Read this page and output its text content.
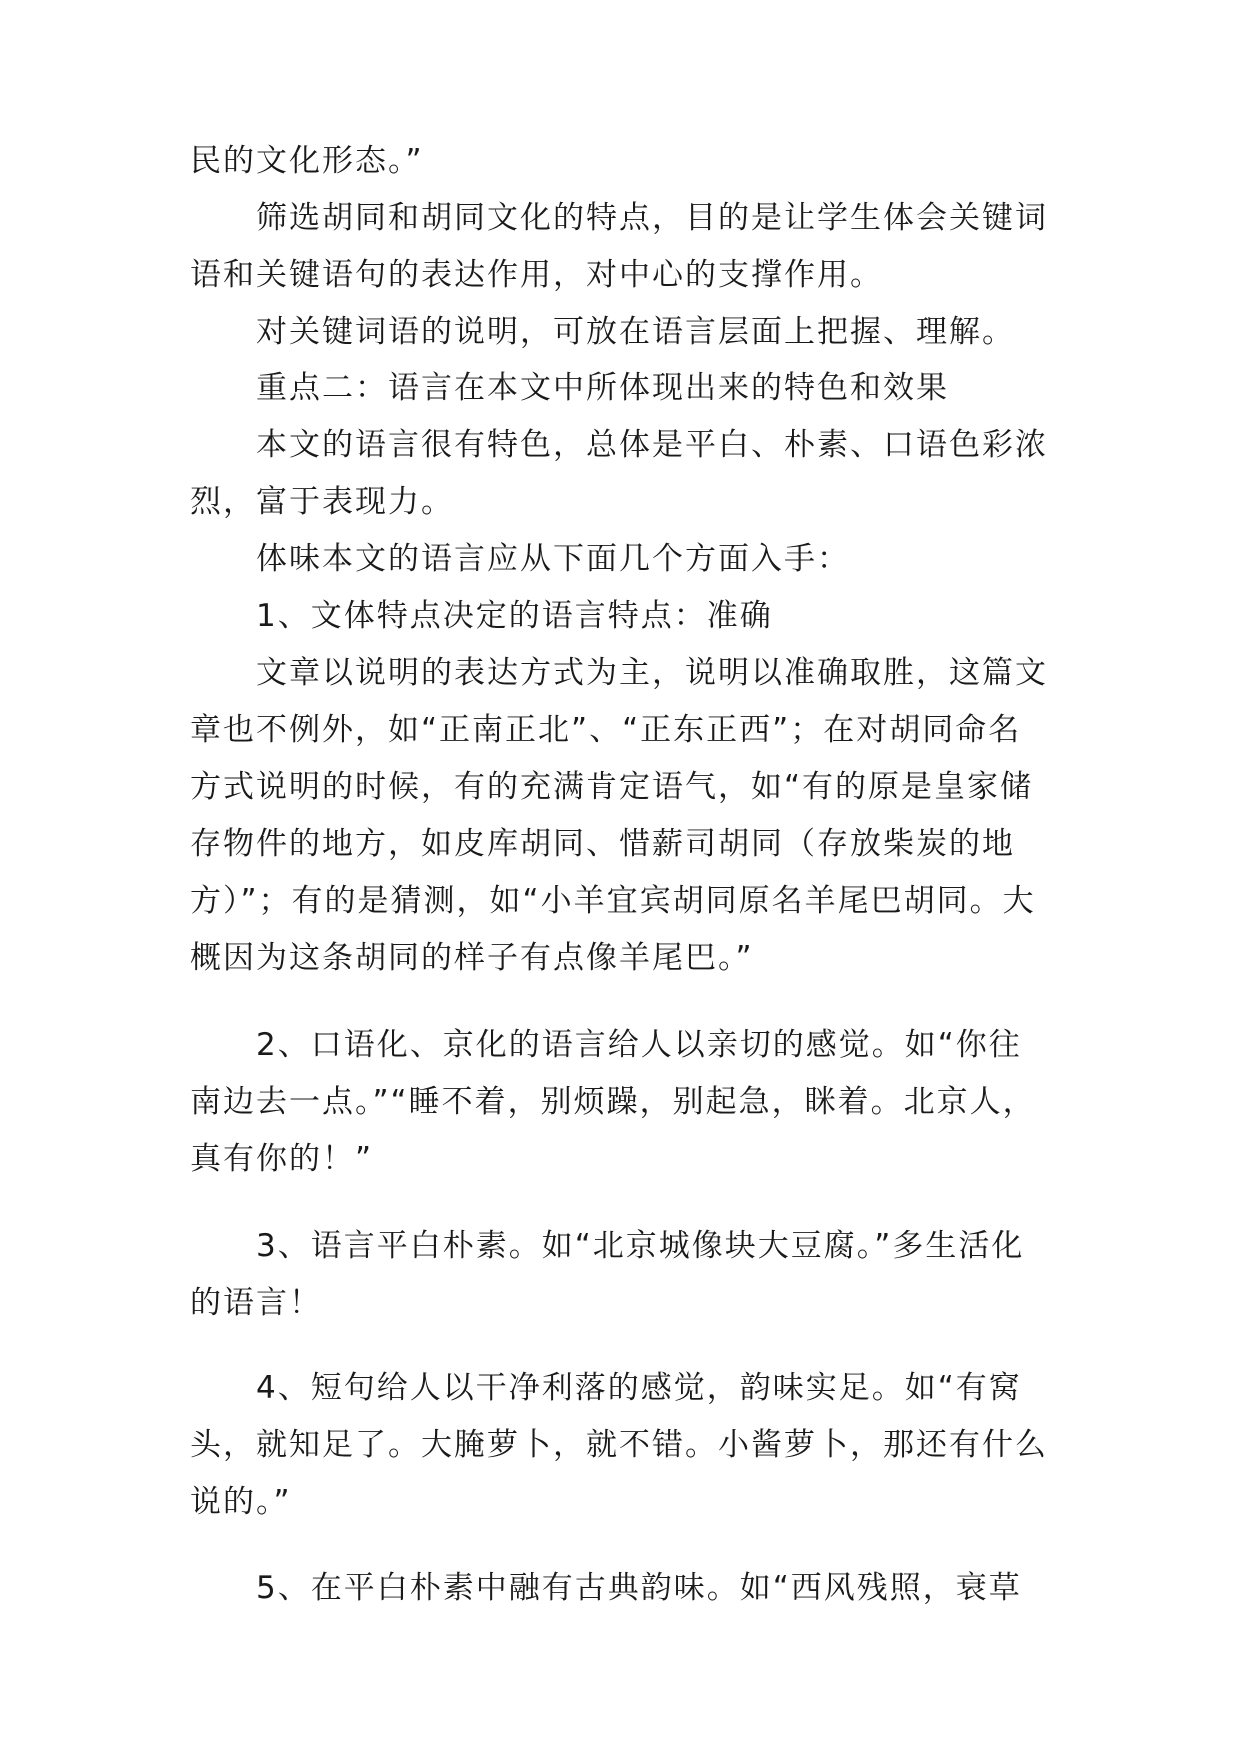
民的文化形态。”
筛选胡同和胡同文化的特点，目的是让学生体会关键词
语和关键语句的表达作用，对中心的支撑作用。
对关键词语的说明，可放在语言层面上把握、理解。
重点二：语言在本文中所体现出来的特色和效果
本文的语言很有特色，总体是平白、朴素、口语色彩浓
烈，富于表现力。
体味本文的语言应从下面几个方面入手：
1、文体特点决定的语言特点：准确
文章以说明的表达方式为主，说明以准确取胜，这篇文
章也不例外，如“正南正北”、“正东正西”；在对胡同命名
方式说明的时候，有的充满肯定语气，如“有的原是皇家储
存物件的地方，如皮库胡同、惜薪司胡同（存放柴炭的地
方）”；有的是猜测，如“小羊宜宾胡同原名羊尾巴胡同。大
概因为这条胡同的样子有点像羊尾巴。”
2、口语化、京化的语言给人以亲切的感觉。如“你往
南边去一点。”“睡不着，别烦躁，别起急，眯着。北京人，
真有你的！”
3、语言平白朴素。如“北京城像块大豆腐。”多生活化
的语言！
4、短句给人以干净利落的感觉，韵味实足。如“有窝
头，就知足了。大腌萝卜，就不错。小酱萝卜，那还有什么
说的。”
5、在平白朴素中融有古典韵味。如“西风残照，衰草
